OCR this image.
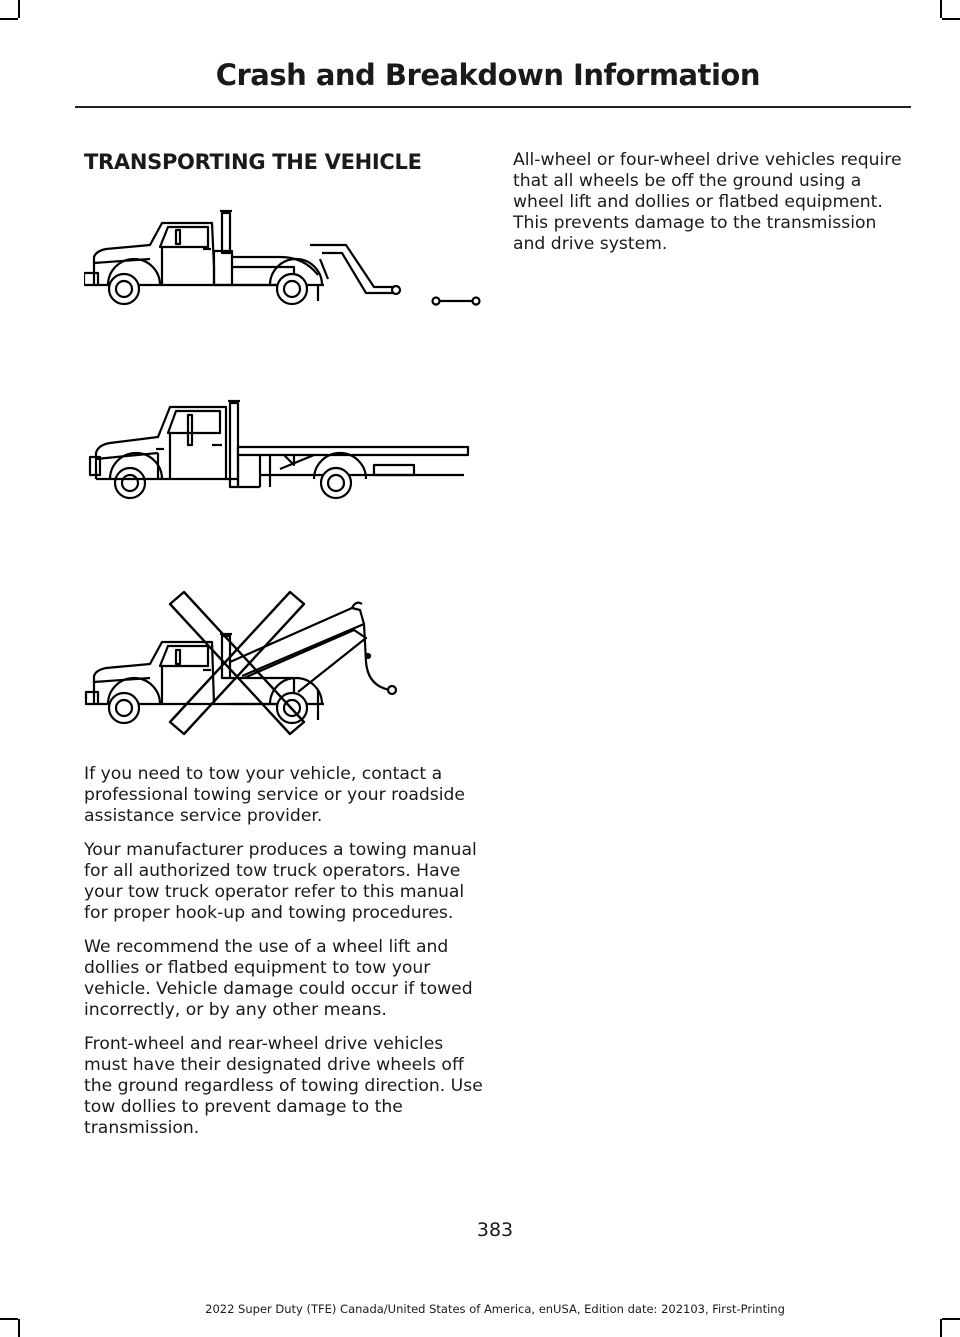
Crash and Breakdown Information
TRANSPORTING THE VEHICLE

If you need to tow your vehicle, contact a professional towing service or your roadside assistance service provider.

Your manufacturer produces a towing manual for all authorized tow truck operators. Have your tow truck operator refer to this manual for proper hook-up and towing procedures.

We recommend the use of a wheel lift and dollies or flatbed equipment to tow your vehicle. Vehicle damage could occur if towed incorrectly, or by any other means.

Front-wheel and rear-wheel drive vehicles must have their designated drive wheels off the ground regardless of towing direction. Use tow dollies to prevent damage to the transmission.

All-wheel or four-wheel drive vehicles require that all wheels be off the ground using a wheel lift and dollies or flatbed equipment. This prevents damage to the transmission and drive system.

383
2022 Super Duty (TFE) Canada/United States of America, enUSA, Edition date: 202103, First-Printing
